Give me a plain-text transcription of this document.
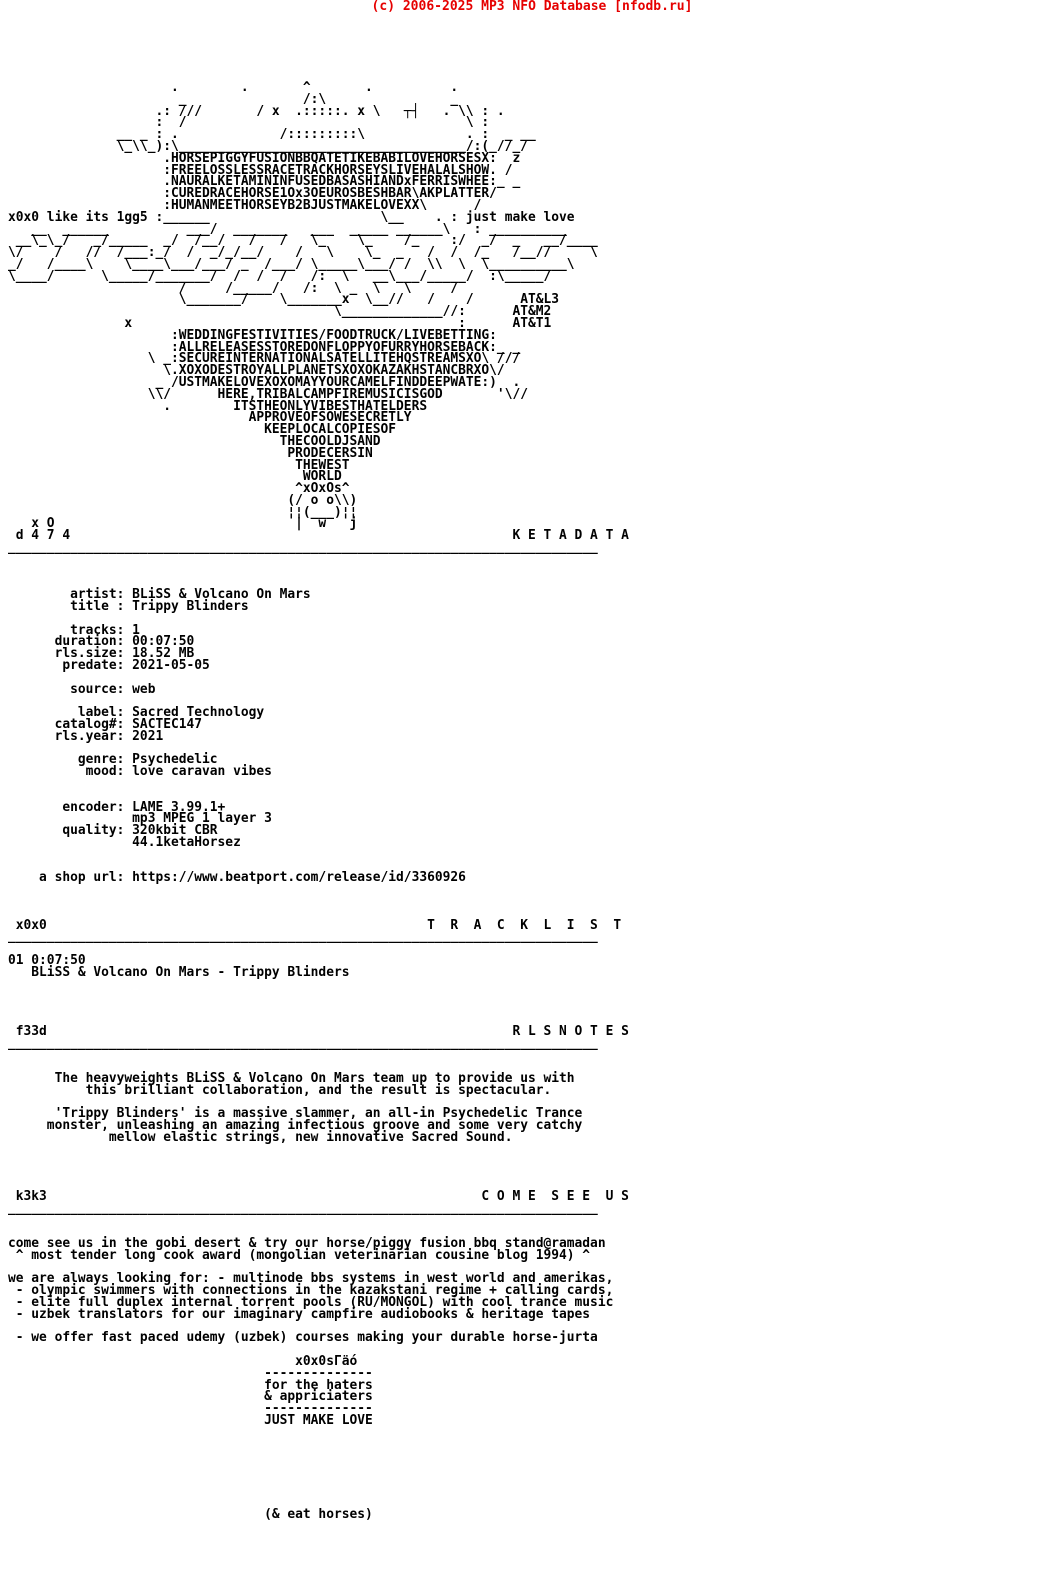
(c) 2006-2025 MP3 NFO Database [nfodb.ru]
.        .       ^       .          .
_               /:\                _
.: ///       / x  .:::::. x \   ┬┤   . \\ : .
:  /                                    \ :
__ _ : .             /:::::::::\             . :  _ __
\_\\_):\_____________________________________/:(_//_/
.HORSEPIGGYFUSIONBBQATETIKEBABILOVEHORSESX:  z
:FREELOSSLESSRACETRACKHORSEYSLIVEHALALSHOW. /
.NAURALKETAMININFUSEDBASASHIANDxFERRISWHEE:_ _
:CUREDRACEHORSE1Ox3OEUROSBESHBAR\AKPLATTER/
:HUMANMEETHORSEYB2BJUSTMAKELOVEXX\      /
x0x0 like its 1gg5 :______                      \__    . : just make love
__  ______          ___/  _______   ___  _____ ______\   : __________
__\_\_/   _/_____  _/  /__/   /   /   \_    \_    /_    :/  _/  _   __/____
\/    /   //  /___:_/  /  _/_/__/    /   \    \_  _   /  /  /_   /__//     \
_/   /____\    \____\___/___/ _  /___/ \_____\___/ /  \\  \  \__________\
\____/      \_____/_______/  /  /  /   /:  \   __\___/_____/  :\_____/
/     /_____/   /:  \ _  \   \     /
\_______/    \_______x  \__//   /    /      AT&L3
\_____________//:      AT&M2
x                                          :      AT&T1
:WEDDINGFESTIVITIES/FOODTRUCK/LIVEBETTING:
:ALLRELEASESSTOREDONFLOPPYOFURRYHORSEBACK:_ _
\ _:SECUREINTERNATIONALSATELLITEHQSTREAMSXO\ ///
\.XOXODESTROYALLPLANETSXOXOKAZAKHSTANCBRXO\/
_ /USTMAKELOVEXOXOMAYYOURCAMELFINDDEEPWATE:)  .
\\/      HERE,TRIBALCAMPFIREMUSICISGOD       '\//
.        ITSTHEONLYVIBESTHATELDERS
APPROVEOFSOWESECRETLY
KEEPLOCALCOPIESOF
THECOOLDJSAND
PRODECERSIN
THEWEST
WORLD
^xOxOs^
(/ o o\\)
¦¦(___)¦¦
x O                               |  w   j
d 4 7 4                                                         K E T A D A T A
____________________________________________________________________________

artist: BLiSS & Volcano On Mars
title : Trippy Blinders

tracks: 1
duration: 00:07:50
rls.size: 18.52 MB
predate: 2021-05-05

source: web

label: Sacred Technology
catalog#: SACTEC147
rls.year: 2021

genre: Psychedelic
mood: love caravan vibes

encoder: LAME 3.99.1+
mp3 MPEG 1 layer 3
quality: 320kbit CBR
44.1ketaHorsez

a shop url: https://www.beatport.com/release/id/3360926

x0x0                                                 T  R  A  C  K  L  I  S  T
____________________________________________________________________________

01 0:07:50
BLiSS & Volcano On Mars - Trippy Blinders

f33d                                                            R L S N O T E S
____________________________________________________________________________

The heavyweights BLiSS & Volcano On Mars team up to provide us with
this brilliant collaboration, and the result is spectacular.

'Trippy Blinders' is a massive slammer, an all-in Psychedelic Trance
monster, unleashing an amazing infectious groove and some very catchy
mellow elastic strings, new innovative Sacred Sound.

k3k3                                                        C O M E  S E E  U S
____________________________________________________________________________

come see us in the gobi desert & try our horse/piggy fusion bbq stand@ramadan
^ most tender long cook award (mongolian veterinarian cousine blog 1994) ^

we are always looking for: - multinode bbs systems in west world and amerikas,
- olympic swimmers with connections in the kazakstani regime + calling cards,
- elite full duplex internal torrent pools (RU/MONGOL) with cool trance music
- uzbek translators for our imaginary campfire audiobooks & heritage tapes

- we offer fast paced udemy (uzbek) courses making your durable horse-jurta

x0x0sГäó
--------------
for the haters
& appriciaters
--------------
JUST MAKE LOVE

(& eat horses)
